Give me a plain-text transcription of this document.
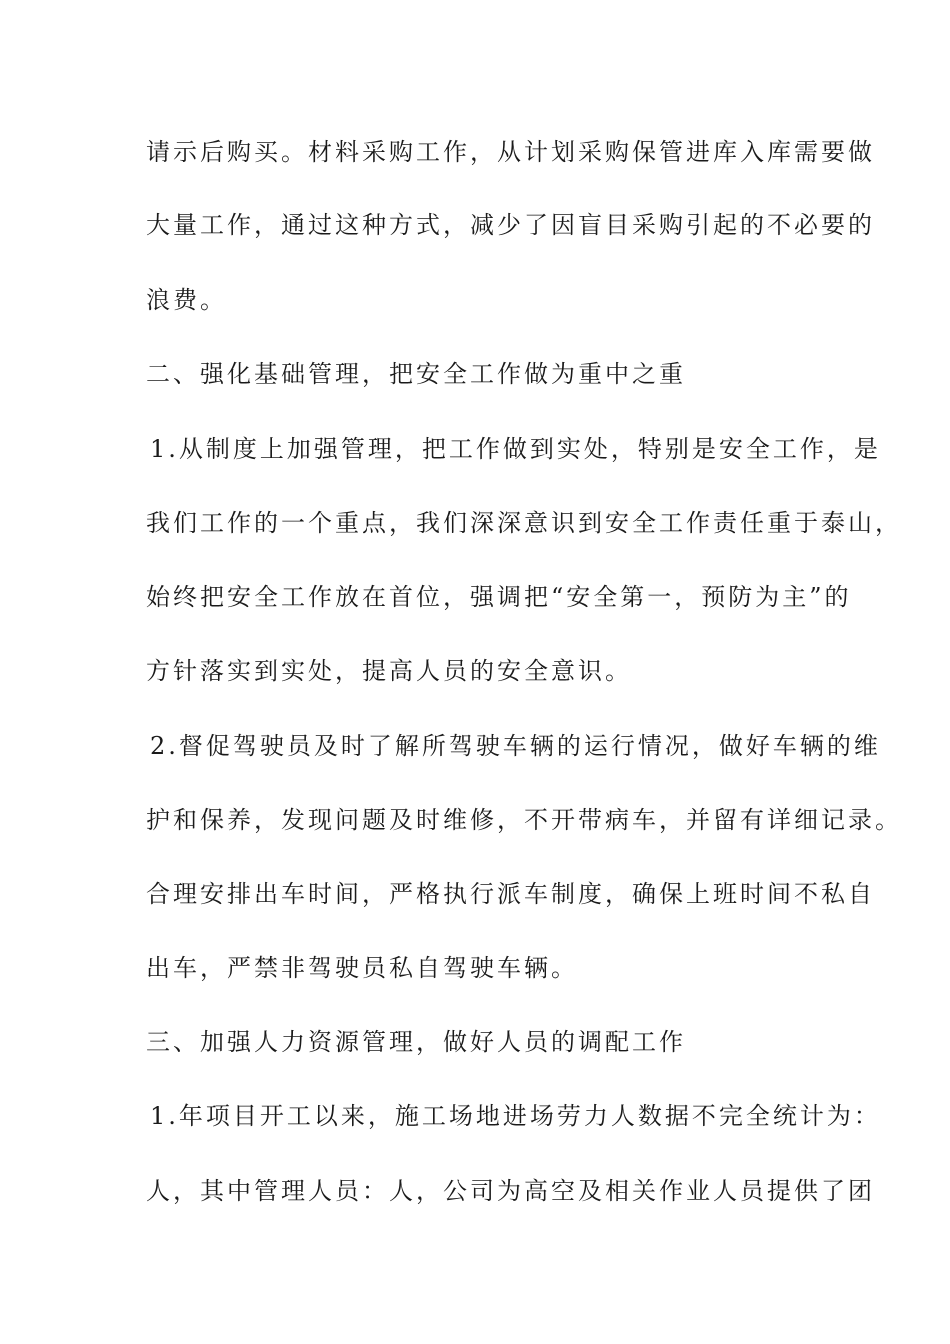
请示后购买。材料采购工作，从计划采购保管进库入库需要做
大量工作，通过这种方式，减少了因盲目采购引起的不必要的
浪费。
二、强化基础管理，把安全工作做为重中之重
1.从制度上加强管理，把工作做到实处，特别是安全工作，是
我们工作的一个重点，我们深深意识到安全工作责任重于泰山，
始终把安全工作放在首位，强调把“安全第一，预防为主”的
方针落实到实处，提高人员的安全意识。
2.督促驾驶员及时了解所驾驶车辆的运行情况，做好车辆的维
护和保养，发现问题及时维修，不开带病车，并留有详细记录。
合理安排出车时间，严格执行派车制度，确保上班时间不私自
出车，严禁非驾驶员私自驾驶车辆。
三、加强人力资源管理，做好人员的调配工作
1.年项目开工以来，施工场地进场劳力人数据不完全统计为：
人，其中管理人员：人，公司为高空及相关作业人员提供了团
